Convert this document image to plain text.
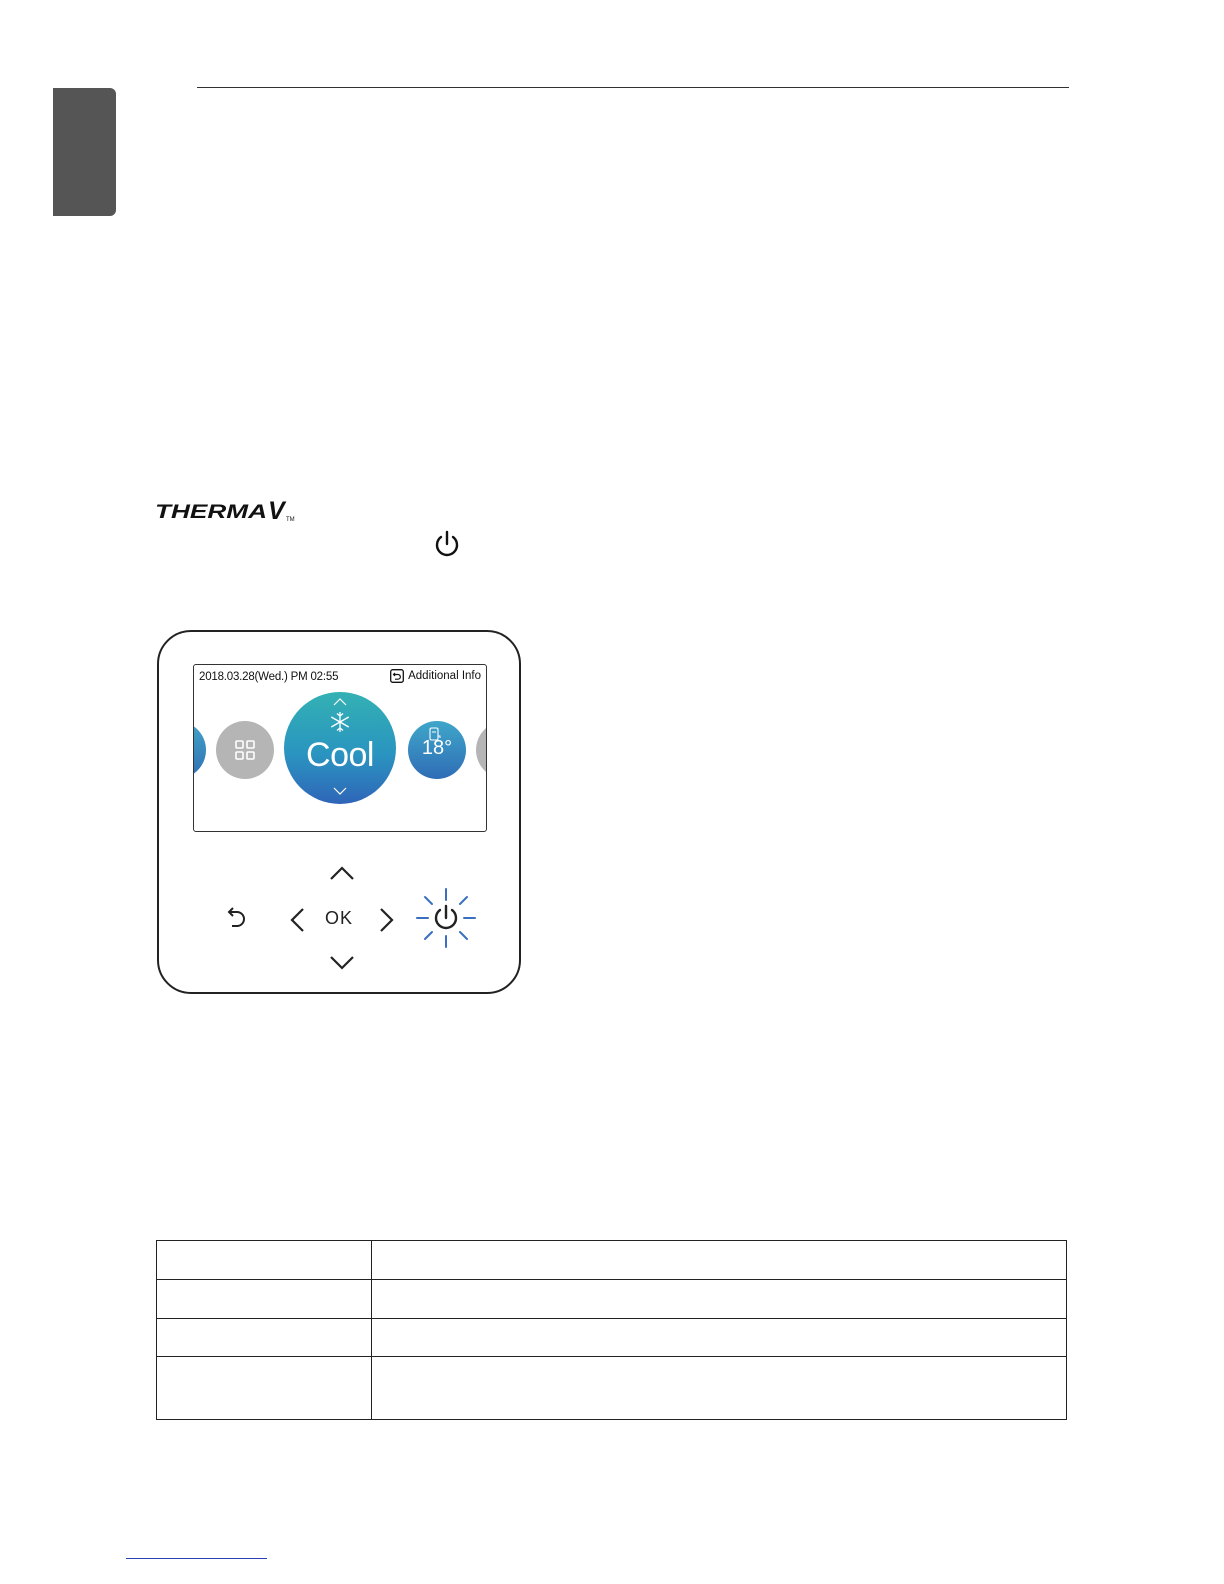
THERMA V TM
2018.03.28(Wed.) PM 02:55	Additional Info
Cool	18°
OK
